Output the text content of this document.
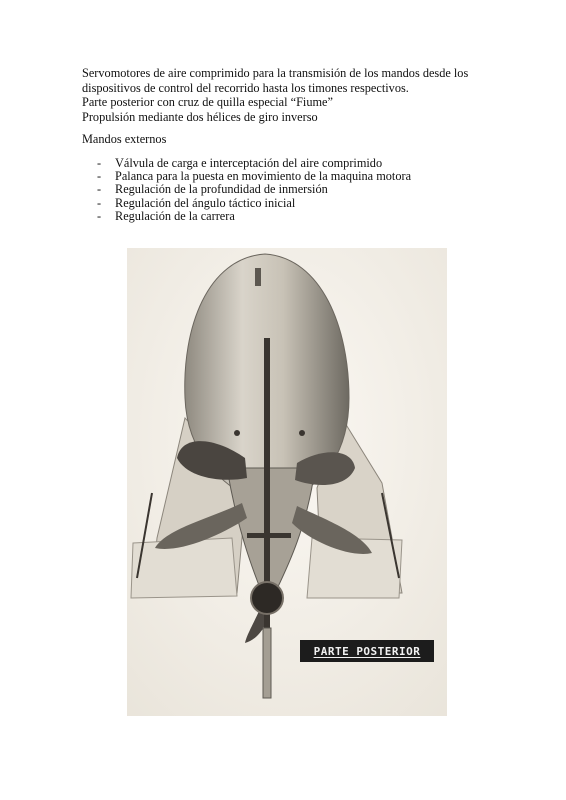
Servomotores de aire comprimido para la transmisión de los mandos desde los

dispositivos de control del recorrido hasta los timones respectivos.

Parte posterior con cruz de quilla especial “Fiume”

Propulsión mediante dos hélices de giro inverso

Mandos externos
- Válvula de carga e interceptación del aire comprimido
- Palanca para la puesta en movimiento de la maquina motora
- Regulación de la profundidad de inmersión
- Regulación del ángulo táctico inicial
- Regulación de la carrera
PARTE POSTERIOR
